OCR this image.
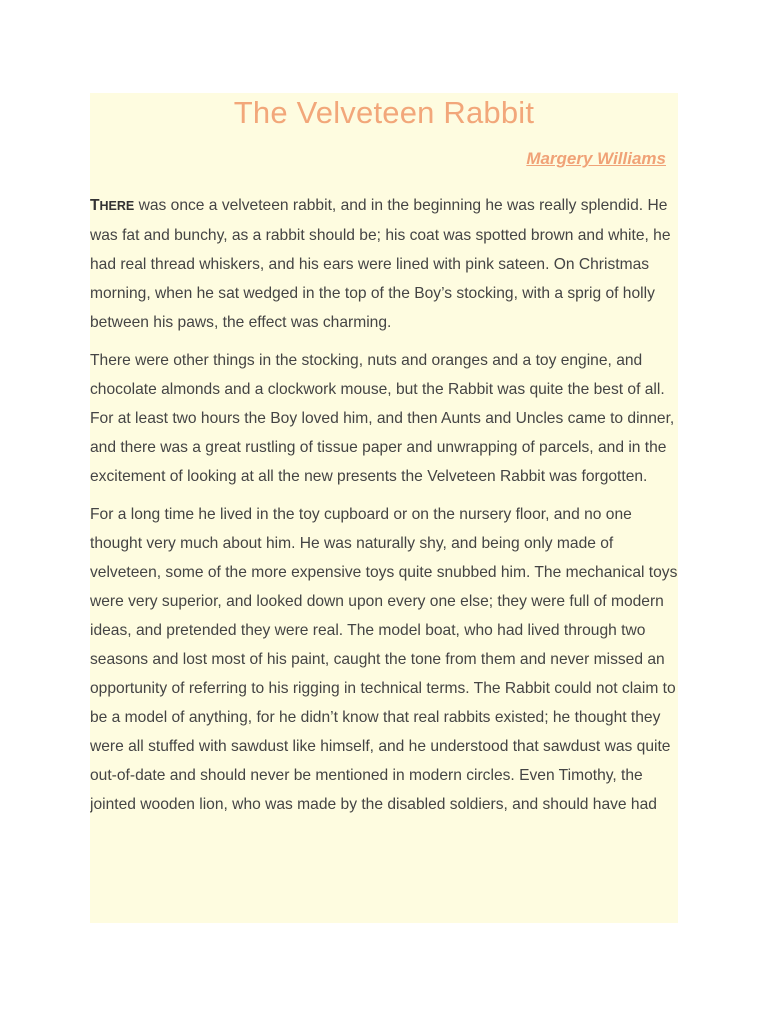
The Velveteen Rabbit
Margery Williams

THERE was once a velveteen rabbit, and in the beginning he was really splendid. He was fat and bunchy, as a rabbit should be; his coat was spotted brown and white, he had real thread whiskers, and his ears were lined with pink sateen. On Christmas morning, when he sat wedged in the top of the Boy’s stocking, with a sprig of holly between his paws, the effect was charming.

There were other things in the stocking, nuts and oranges and a toy engine, and chocolate almonds and a clockwork mouse, but the Rabbit was quite the best of all. For at least two hours the Boy loved him, and then Aunts and Uncles came to dinner, and there was a great rustling of tissue paper and unwrapping of parcels, and in the excitement of looking at all the new presents the Velveteen Rabbit was forgotten.

For a long time he lived in the toy cupboard or on the nursery floor, and no one thought very much about him. He was naturally shy, and being only made of velveteen, some of the more expensive toys quite snubbed him. The mechanical toys were very superior, and looked down upon every one else; they were full of modern ideas, and pretended they were real. The model boat, who had lived through two seasons and lost most of his paint, caught the tone from them and never missed an opportunity of referring to his rigging in technical terms. The Rabbit could not claim to be a model of anything, for he didn’t know that real rabbits existed; he thought they were all stuffed with sawdust like himself, and he understood that sawdust was quite out-of-date and should never be mentioned in modern circles. Even Timothy, the jointed wooden lion, who was made by the disabled soldiers, and should have had
